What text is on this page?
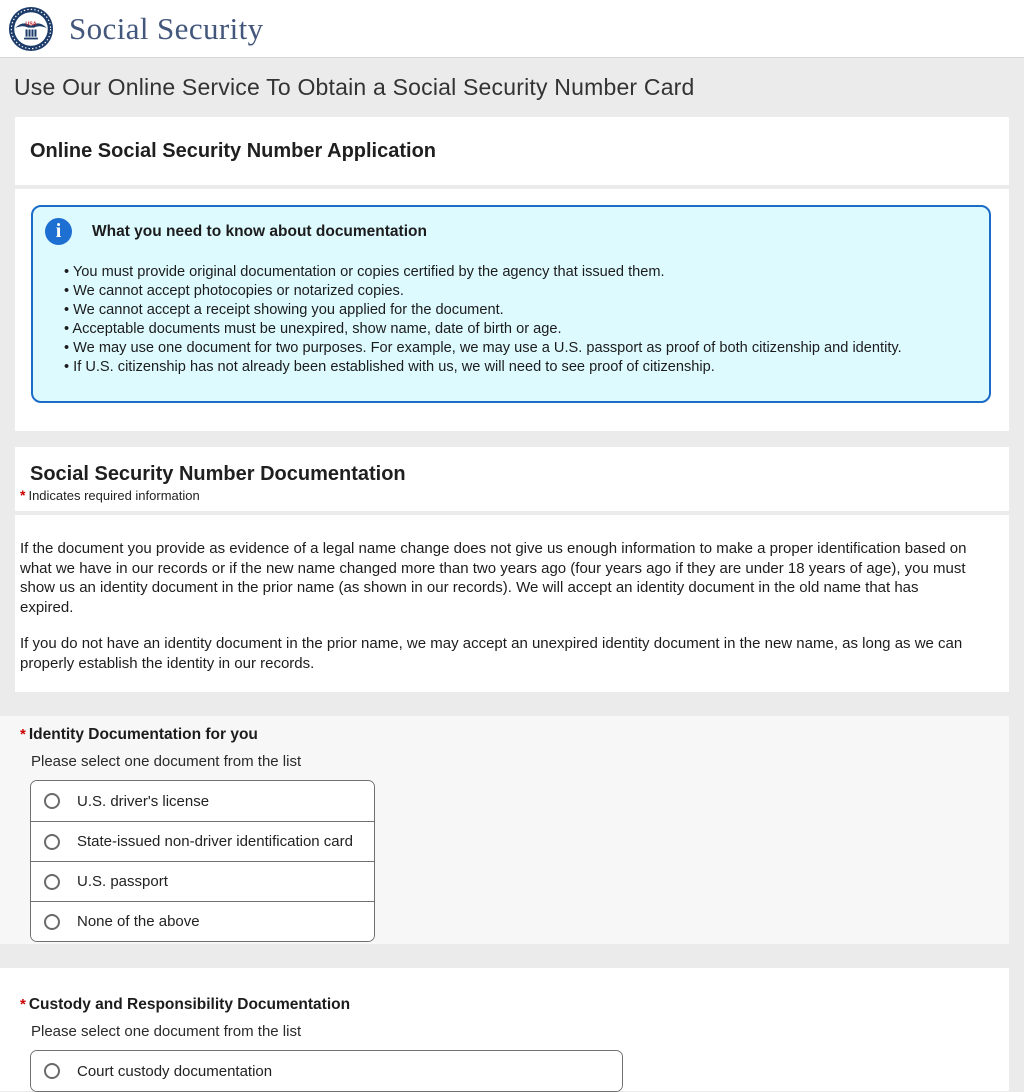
USA Social Security
Use Our Online Service To Obtain a Social Security Number Card
Online Social Security Number Application
i	What you need to know about documentation
• You must provide original documentation or copies certified by the agency that issued them.
• We cannot accept photocopies or notarized copies.
• We cannot accept a receipt showing you applied for the document.
• Acceptable documents must be unexpired, show name, date of birth or age.
• We may use one document for two purposes. For example, we may use a U.S. passport as proof of both citizenship and identity.
• If U.S. citizenship has not already been established with us, we will need to see proof of citizenship.
Social Security Number Documentation
* Indicates required information

If the document you provide as evidence of a legal name change does not give us enough information to make a proper identification based on what we have in our records or if the new name changed more than two years ago (four years ago if they are under 18 years of age), you must show us an identity document in the prior name (as shown in our records). We will accept an identity document in the old name that has expired.

If you do not have an identity document in the prior name, we may accept an unexpired identity document in the new name, as long as we can properly establish the identity in our records.

* Identity Documentation for you
Please select one document from the list
U.S. driver's license
State-issued non-driver identification card
U.S. passport
None of the above
* Custody and Responsibility Documentation
Please select one document from the list
Court custody documentation
